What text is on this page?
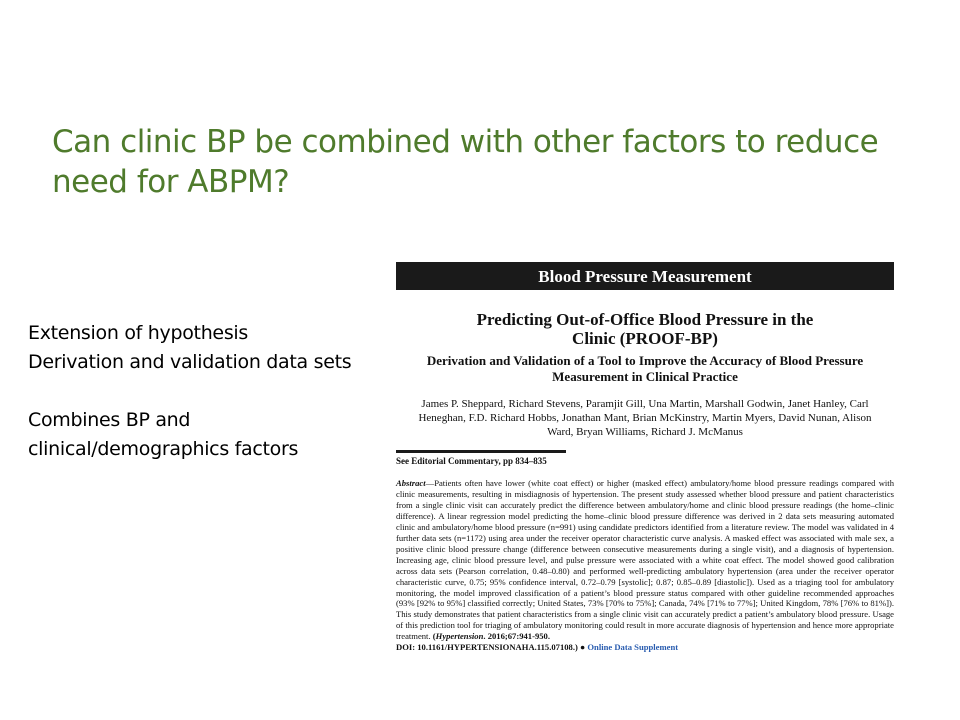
Can clinic BP be combined with other factors to reduce need for ABPM?
Extension of hypothesis
Derivation and validation data sets
Combines BP and
clinical/demographics factors
Blood Pressure Measurement
Predicting Out-of-Office Blood Pressure in the Clinic (PROOF-BP)
Derivation and Validation of a Tool to Improve the Accuracy of Blood Pressure Measurement in Clinical Practice
James P. Sheppard, Richard Stevens, Paramjit Gill, Una Martin, Marshall Godwin, Janet Hanley, Carl Heneghan, F.D. Richard Hobbs, Jonathan Mant, Brian McKinstry, Martin Myers, David Nunan, Alison Ward, Bryan Williams, Richard J. McManus
See Editorial Commentary, pp 834–835
Abstract—Patients often have lower (white coat effect) or higher (masked effect) ambulatory/home blood pressure readings compared with clinic measurements, resulting in misdiagnosis of hypertension. The present study assessed whether blood pressure and patient characteristics from a single clinic visit can accurately predict the difference between ambulatory/home and clinic blood pressure readings (the home–clinic difference). A linear regression model predicting the home–clinic blood pressure difference was derived in 2 data sets measuring automated clinic and ambulatory/home blood pressure (n=991) using candidate predictors identified from a literature review. The model was validated in 4 further data sets (n=1172) using area under the receiver operator characteristic curve analysis. A masked effect was associated with male sex, a positive clinic blood pressure change (difference between consecutive measurements during a single visit), and a diagnosis of hypertension. Increasing age, clinic blood pressure level, and pulse pressure were associated with a white coat effect. The model showed good calibration across data sets (Pearson correlation, 0.48–0.80) and performed well-predicting ambulatory hypertension (area under the receiver operator characteristic curve, 0.75; 95% confidence interval, 0.72–0.79 [systolic]; 0.87; 0.85–0.89 [diastolic]). Used as a triaging tool for ambulatory monitoring, the model improved classification of a patient’s blood pressure status compared with other guideline recommended approaches (93% [92% to 95%] classified correctly; United States, 73% [70% to 75%]; Canada, 74% [71% to 77%]; United Kingdom, 78% [76% to 81%]). This study demonstrates that patient characteristics from a single clinic visit can accurately predict a patient’s ambulatory blood pressure. Usage of this prediction tool for triaging of ambulatory monitoring could result in more accurate diagnosis of hypertension and hence more appropriate treatment. (Hypertension. 2016;67:941-950.
DOI: 10.1161/HYPERTENSIONAHA.115.07108.) ● Online Data Supplement
